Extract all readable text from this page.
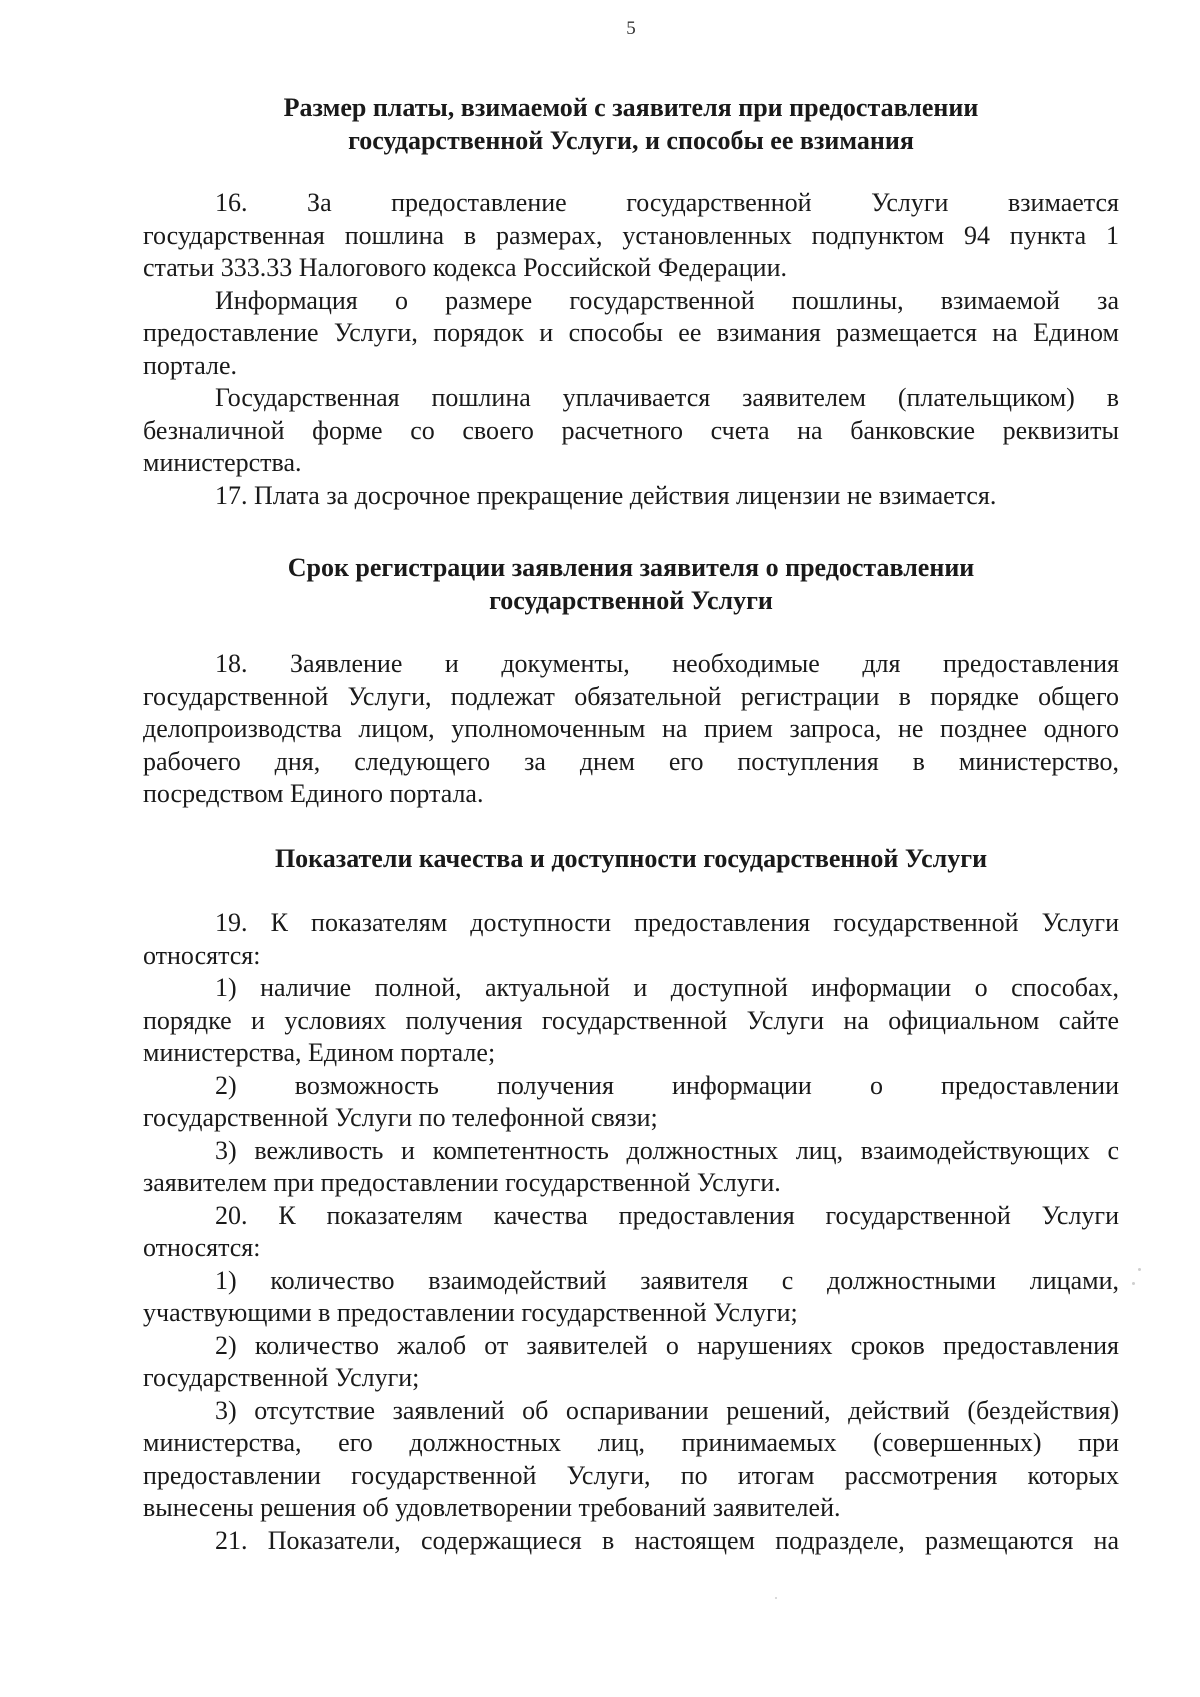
5
Размер платы, взимаемой с заявителя при предоставлении
государственной Услуги, и способы ее взимания
16. За предоставление государственной Услуги взимается
государственная пошлина в размерах, установленных подпунктом 94 пункта 1
статьи 333.33 Налогового кодекса Российской Федерации.
Информация о размере государственной пошлины, взимаемой за
предоставление Услуги, порядок и способы ее взимания размещается на Едином
портале.
Государственная пошлина уплачивается заявителем (плательщиком) в
безналичной форме со своего расчетного счета на банковские реквизиты
министерства.
17. Плата за досрочное прекращение действия лицензии не взимается.
Срок регистрации заявления заявителя о предоставлении
государственной Услуги
18. Заявление и документы, необходимые для предоставления
государственной Услуги, подлежат обязательной регистрации в порядке общего
делопроизводства лицом, уполномоченным на прием запроса, не позднее одного
рабочего дня, следующего за днем его поступления в министерство,
посредством Единого портала.
Показатели качества и доступности государственной Услуги
19. К показателям доступности предоставления государственной Услуги
относятся:
1) наличие полной, актуальной и доступной информации о способах,
порядке и условиях получения государственной Услуги на официальном сайте
министерства, Едином портале;
2) возможность получения информации о предоставлении
государственной Услуги по телефонной связи;
3) вежливость и компетентность должностных лиц, взаимодействующих с
заявителем при предоставлении государственной Услуги.
20. К показателям качества предоставления государственной Услуги
относятся:
1) количество взаимодействий заявителя с должностными лицами,
участвующими в предоставлении государственной Услуги;
2) количество жалоб от заявителей о нарушениях сроков предоставления
государственной Услуги;
3) отсутствие заявлений об оспаривании решений, действий (бездействия)
министерства, его должностных лиц, принимаемых (совершенных) при
предоставлении государственной Услуги, по итогам рассмотрения которых
вынесены решения об удовлетворении требований заявителей.
21. Показатели, содержащиеся в настоящем подразделе, размещаются на
